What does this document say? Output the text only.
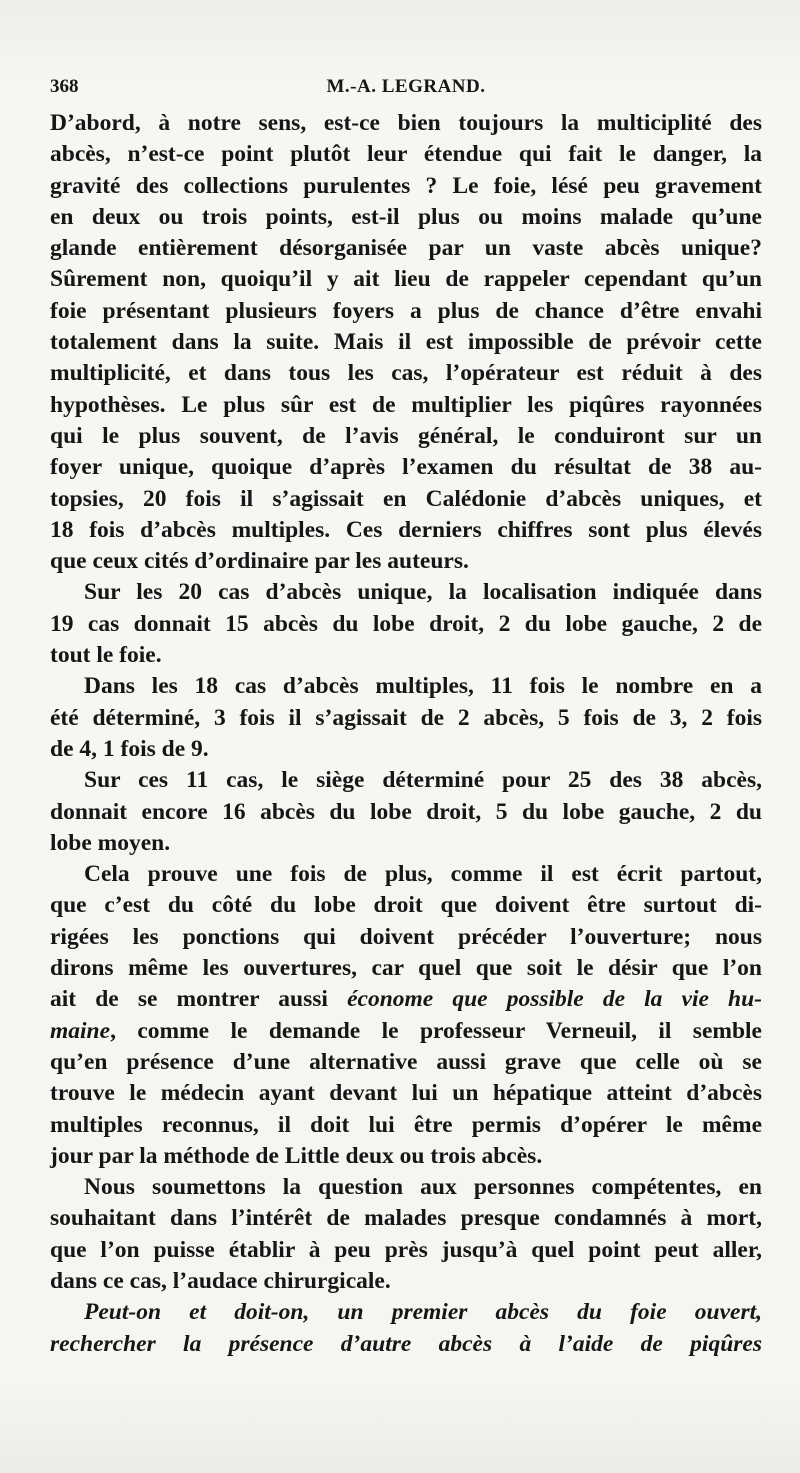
368	M.-A. LEGRAND.
D’abord, à notre sens, est-ce bien toujours la multiciplité des
abcès, n’est-ce point plutôt leur étendue qui fait le danger, la
gravité des collections purulentes ? Le foie, lésé peu gravement
en deux ou trois points, est-il plus ou moins malade qu’une
glande entièrement désorganisée par un vaste abcès unique?
Sûrement non, quoiqu’il y ait lieu de rappeler cependant qu’un
foie présentant plusieurs foyers a plus de chance d’être envahi
totalement dans la suite. Mais il est impossible de prévoir cette
multiplicité, et dans tous les cas, l’opérateur est réduit à des
hypothèses. Le plus sûr est de multiplier les piqûres rayonnées
qui le plus souvent, de l’avis général, le conduiront sur un
foyer unique, quoique d’après l’examen du résultat de 38 au-
topsies, 20 fois il s’agissait en Calédonie d’abcès uniques, et
18 fois d’abcès multiples. Ces derniers chiffres sont plus élevés
que ceux cités d’ordinaire par les auteurs.
Sur les 20 cas d’abcès unique, la localisation indiquée dans
19 cas donnait 15 abcès du lobe droit, 2 du lobe gauche, 2 de
tout le foie.
Dans les 18 cas d’abcès multiples, 11 fois le nombre en a
été déterminé, 3 fois il s’agissait de 2 abcès, 5 fois de 3, 2 fois
de 4, 1 fois de 9.
Sur ces 11 cas, le siège déterminé pour 25 des 38 abcès,
donnait encore 16 abcès du lobe droit, 5 du lobe gauche, 2 du
lobe moyen.
Cela prouve une fois de plus, comme il est écrit partout,
que c’est du côté du lobe droit que doivent être surtout di-
rigées les ponctions qui doivent précéder l’ouverture; nous
dirons même les ouvertures, car quel que soit le désir que l’on
ait de se montrer aussi économe que possible de la vie hu-
maine, comme le demande le professeur Verneuil, il semble
qu’en présence d’une alternative aussi grave que celle où se
trouve le médecin ayant devant lui un hépatique atteint d’abcès
multiples reconnus, il doit lui être permis d’opérer le même
jour par la méthode de Little deux ou trois abcès.
Nous soumettons la question aux personnes compétentes, en
souhaitant dans l’intérêt de malades presque condamnés à mort,
que l’on puisse établir à peu près jusqu’à quel point peut aller,
dans ce cas, l’audace chirurgicale.
Peut-on et doit-on, un premier abcès du foie ouvert,
rechercher la présence d’autre abcès à l’aide de piqûres
